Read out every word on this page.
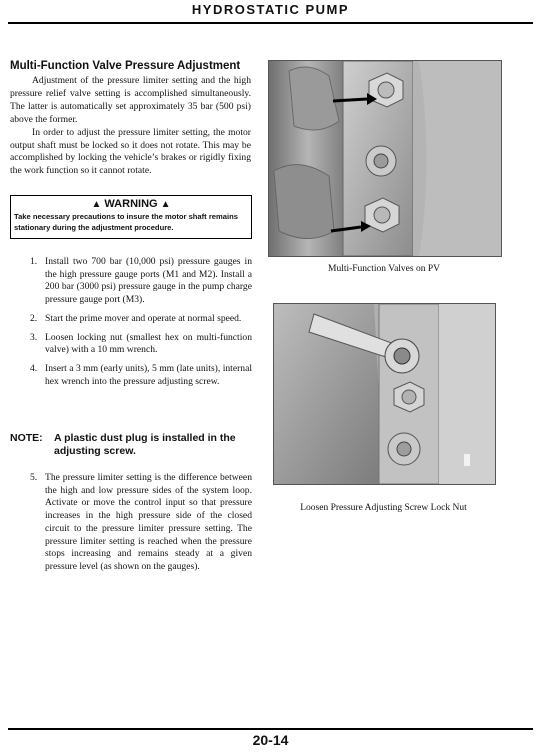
HYDROSTATIC PUMP
Multi-Function Valve Pressure Adjustment

Adjustment of the pressure limiter setting and the high pressure relief valve setting is accomplished simultaneously. The latter is automatically set approximately 35 bar (500 psi) above the former.

In order to adjust the pressure limiter setting, the motor output shaft must be locked so it does not rotate. This may be accomplished by locking the vehicle’s brakes or rigidly fixing the work function so it cannot rotate.

▲ WARNING ▲
Take necessary precautions to insure the motor shaft remains stationary during the adjustment procedure.
1. Install two 700 bar (10,000 psi) pressure gauges in the high pressure gauge ports (M1 and M2). Install a 200 bar (3000 psi) pressure gauge in the pump charge pressure gauge port (M3).
2. Start the prime mover and operate at normal speed.
3. Loosen locking nut (smallest hex on multi-function valve) with a 10 mm wrench.
4. Insert a 3 mm (early units), 5 mm (late units), internal hex wrench into the pressure adjusting screw.
NOTE:	A plastic dust plug is installed in the adjusting screw.
5. The pressure limiter setting is the difference between the high and low pressure sides of the system loop. Activate or move the control input so that pressure increases in the high pressure side of the closed circuit to the pressure limiter pressure setting. The pressure limiter setting is reached when the pressure stops increasing and remains steady at a given pressure level (as shown on the gauges).
Multi-Function Valves on PV
Loosen Pressure Adjusting Screw Lock Nut
20-14
